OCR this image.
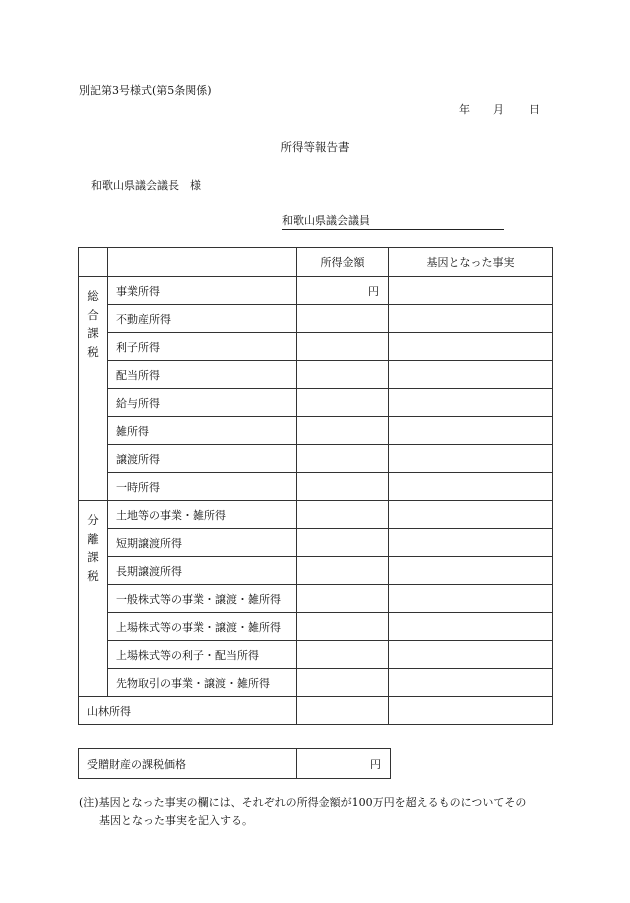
別記第3号様式(第5条関係)
年 月 日
所得等報告書
和歌山県議会議長　様
和歌山県議会議員
		所得金額	基因となった事実

総合課税	事業所得	円	
	不動産所得		
	利子所得		
	配当所得		
	給与所得		
	雑所得		
	譲渡所得		
	一時所得		

分離課税	土地等の事業・雑所得		
	短期譲渡所得		
	長期譲渡所得		
	一般株式等の事業・譲渡・雑所得		
	上場株式等の事業・譲渡・雑所得		
	上場株式等の利子・配当所得		
	先物取引の事業・譲渡・雑所得		
山林所得			
受贈財産の課税価格	円
(注)基因となった事実の欄には、それぞれの所得金額が100万円を超えるものについてその
基因となった事実を記入する。
